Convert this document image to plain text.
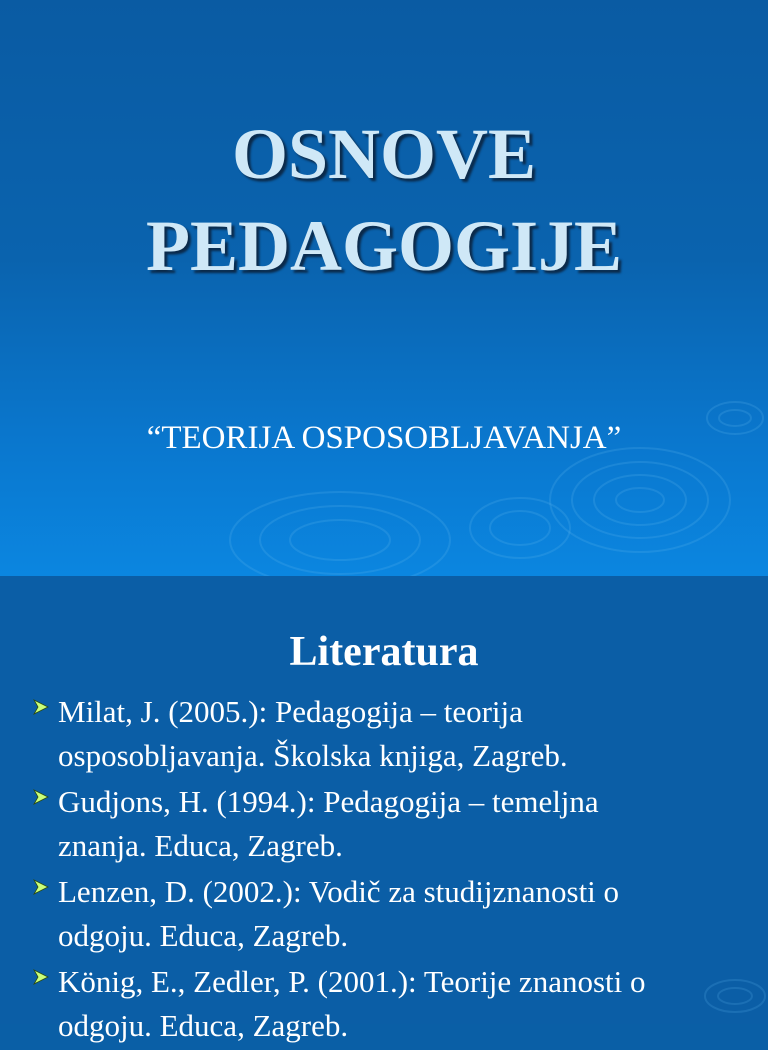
OSNOVE
PEDAGOGIJE

“TEORIJA OSPOSOBLJAVANJA”

Literatura
Milat, J. (2005.): Pedagogija – teorija
osposobljavanja. Školska knjiga, Zagreb.
Gudjons, H. (1994.): Pedagogija – temeljna
znanja. Educa, Zagreb.
Lenzen, D. (2002.): Vodič za studijznanosti o
odgoju. Educa, Zagreb.
König, E., Zedler, P. (2001.): Teorije znanosti o
odgoju. Educa, Zagreb.
